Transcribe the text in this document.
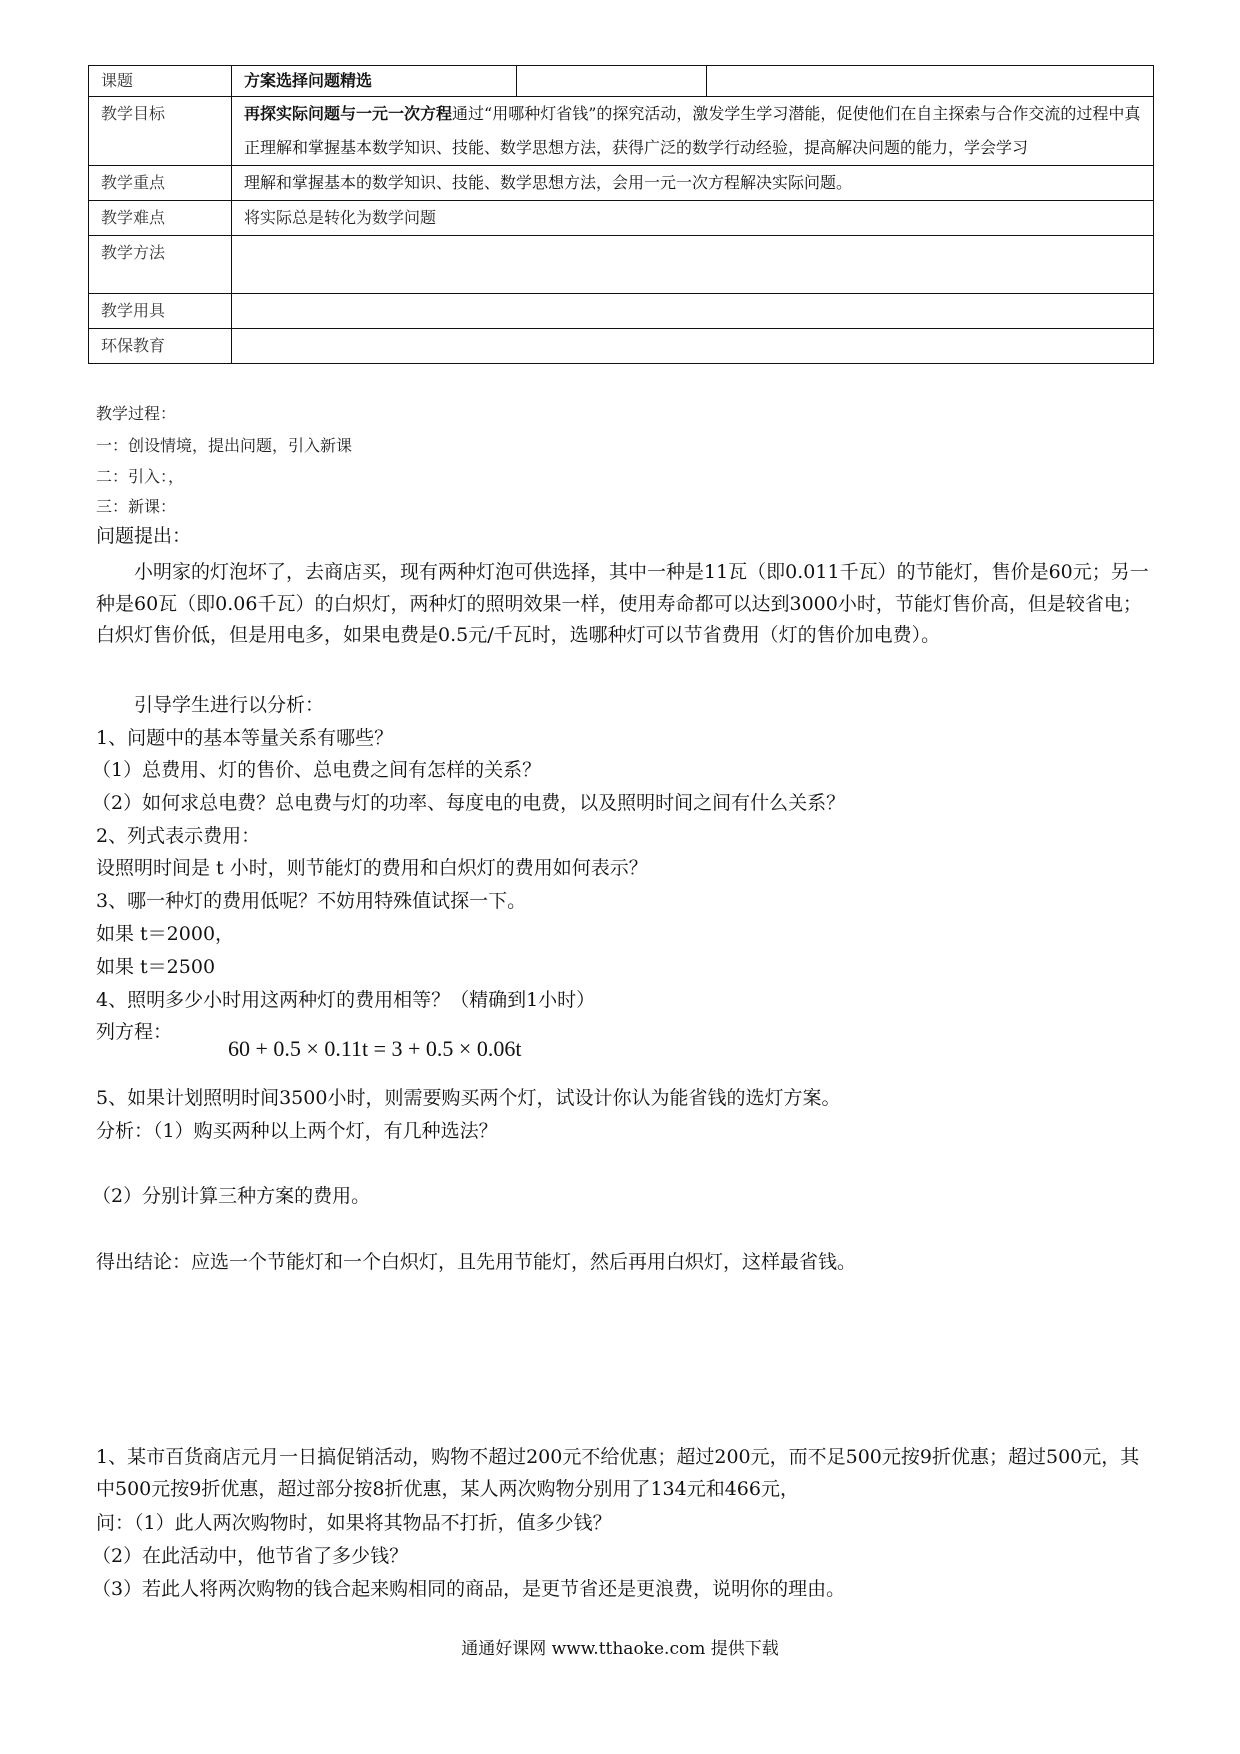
课题	方案选择问题精选		
教学目标	再探实际问题与一元一次方程通过“用哪种灯省钱”的探究活动，激发学生学习潜能，促使他们在自主探索与合作交流的过程中真正理解和掌握基本数学知识、技能、数学思想方法，获得广泛的数学行动经验，提高解决问题的能力，学会学习		
教学重点	理解和掌握基本的数学知识、技能、数学思想方法，会用一元一次方程解决实际问题。		
教学难点	将实际总是转化为数学问题		
教学方法			
教学用具			
环保教育			
教学过程：
一：创设情境，提出问题，引入新课
二：引入：，
三：新课：
问题提出：
小明家的灯泡坏了，去商店买，现有两种灯泡可供选择，其中一种是11瓦（即0.011千瓦）的节能灯，售价是60元；另一种是60瓦（即0.06千瓦）的白炽灯，两种灯的照明效果一样，使用寿命都可以达到3000小时，节能灯售价高，但是较省电；白炽灯售价低，但是用电多，如果电费是0.5元/千瓦时，选哪种灯可以节省费用（灯的售价加电费）。
引导学生进行以分析：
1、问题中的基本等量关系有哪些？
（1）总费用、灯的售价、总电费之间有怎样的关系？
（2）如何求总电费？总电费与灯的功率、每度电的电费，以及照明时间之间有什么关系？
2、列式表示费用：
设照明时间是 t 小时，则节能灯的费用和白炽灯的费用如何表示？
3、哪一种灯的费用低呢？不妨用特殊值试探一下。
如果 t＝2000，
如果 t＝2500
4、照明多少小时用这两种灯的费用相等？（精确到1小时）
列方程：
60 + 0.5 × 0.11t = 3 + 0.5 × 0.06t
5、如果计划照明时间3500小时，则需要购买两个灯，试设计你认为能省钱的选灯方案。
分析：（1）购买两种以上两个灯，有几种选法？
（2）分别计算三种方案的费用。
得出结论：应选一个节能灯和一个白炽灯，且先用节能灯，然后再用白炽灯，这样最省钱。
1、某市百货商店元月一日搞促销活动，购物不超过200元不给优惠；超过200元，而不足500元按9折优惠；超过500元，其中500元按9折优惠，超过部分按8折优惠，某人两次购物分别用了134元和466元，
问：（1）此人两次购物时，如果将其物品不打折，值多少钱？
（2）在此活动中，他节省了多少钱？
（3）若此人将两次购物的钱合起来购相同的商品，是更节省还是更浪费，说明你的理由。
通通好课网 www.tthaoke.com 提供下载
